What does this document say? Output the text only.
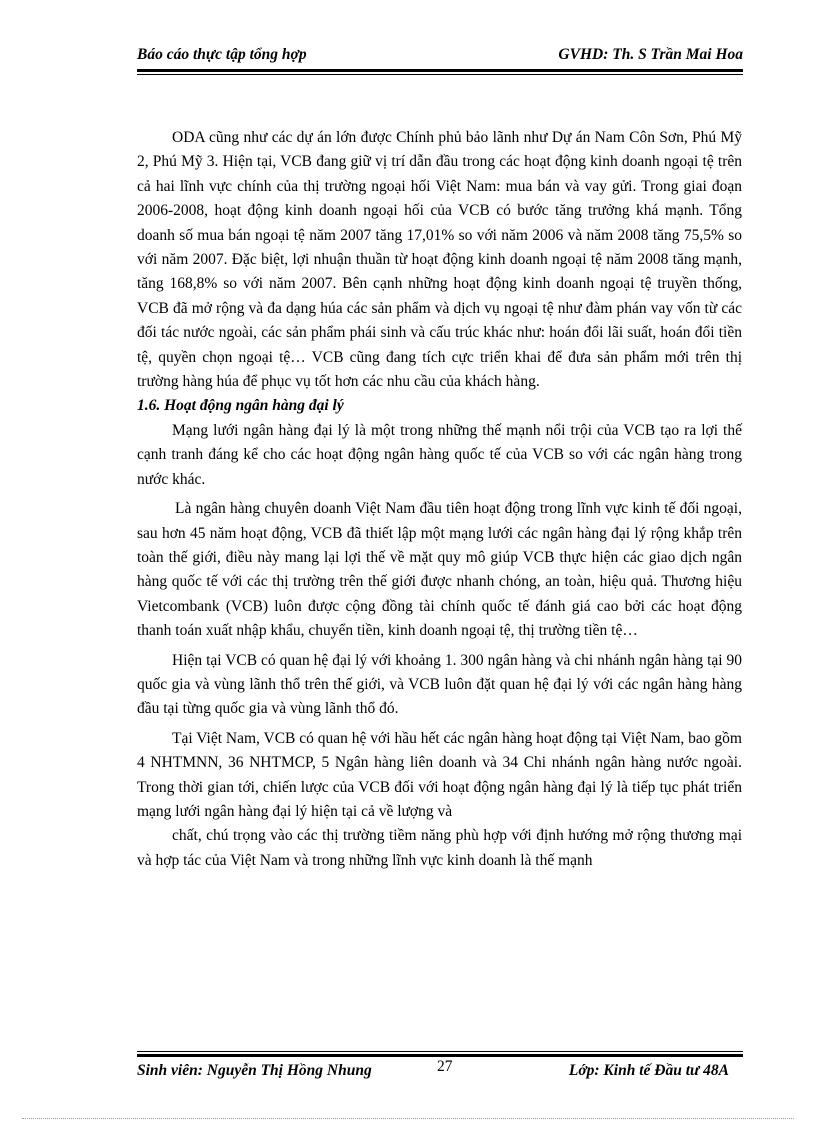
Báo cáo thực tập tổng hợp	GVHD: Th. S Trần Mai Hoa

ODA cũng như các dự án lớn được Chính phủ bảo lãnh như Dự án Nam Côn Sơn, Phú Mỹ 2, Phú Mỹ 3. Hiện tại, VCB đang giữ vị trí dẫn đầu trong các hoạt động kinh doanh ngoại tệ trên cả hai lĩnh vực chính của thị trường ngoại hối Việt Nam: mua bán và vay gửi. Trong giai đoạn 2006-2008, hoạt động kinh doanh ngoại hối của VCB có bước tăng trưởng khá mạnh. Tổng doanh số mua bán ngoại tệ năm 2007 tăng 17,01% so với năm 2006 và năm 2008 tăng 75,5% so với năm 2007. Đặc biệt, lợi nhuận thuần từ hoạt động kinh doanh ngoại tệ năm 2008 tăng mạnh, tăng 168,8% so với năm 2007. Bên cạnh những hoạt động kinh doanh ngoại tệ truyền thống, VCB đã mở rộng và đa dạng húa các sản phẩm và dịch vụ ngoại tệ như đàm phán vay vốn từ các đối tác nước ngoài, các sản phẩm phái sinh và cấu trúc khác như: hoán đổi lãi suất, hoán đổi tiền tệ, quyền chọn ngoại tệ… VCB cũng đang tích cực triển khai để đưa sản phẩm mới trên thị trường hàng húa để phục vụ tốt hơn các nhu cầu của khách hàng.

1.6. Hoạt động ngân hàng đại lý

Mạng lưới ngân hàng đại lý là một trong những thế mạnh nổi trội của VCB tạo ra lợi thế cạnh tranh đáng kể cho các hoạt động ngân hàng quốc tế của VCB so với các ngân hàng trong nước khác.

Là ngân hàng chuyên doanh Việt Nam đầu tiên hoạt động trong lĩnh vực kinh tế đối ngoại, sau hơn 45 năm hoạt động, VCB đã thiết lập một mạng lưới các ngân hàng đại lý rộng khắp trên toàn thế giới, điều này mang lại lợi thế về mặt quy mô giúp VCB thực hiện các giao dịch ngân hàng quốc tế với các thị trường trên thế giới được nhanh chóng, an toàn, hiệu quả. Thương hiệu Vietcombank (VCB) luôn được cộng đồng tài chính quốc tế đánh giá cao bởi các hoạt động thanh toán xuất nhập khẩu, chuyển tiền, kinh doanh ngoại tệ, thị trường tiền tệ…

Hiện tại VCB có quan hệ đại lý với khoảng 1. 300 ngân hàng và chi nhánh ngân hàng tại 90 quốc gia và vùng lãnh thổ trên thế giới, và VCB luôn đặt quan hệ đại lý với các ngân hàng hàng đầu tại từng quốc gia và vùng lãnh thổ đó.

Tại Việt Nam, VCB có quan hệ với hầu hết các ngân hàng hoạt động tại Việt Nam, bao gồm 4 NHTMNN, 36 NHTMCP, 5 Ngân hàng liên doanh và 34 Chi nhánh ngân hàng nước ngoài. Trong thời gian tới, chiến lược của VCB đối với hoạt động ngân hàng đại lý là tiếp tục phát triển mạng lưới ngân hàng đại lý hiện tại cả về lượng và

chất, chú trọng vào các thị trường tiềm năng phù hợp với định hướng mở rộng thương mại và hợp tác của Việt Nam và trong những lĩnh vực kinh doanh là thế mạnh

Sinh viên: Nguyễn Thị Hồng Nhung	27	Lớp: Kinh tế Đầu tư 48A
